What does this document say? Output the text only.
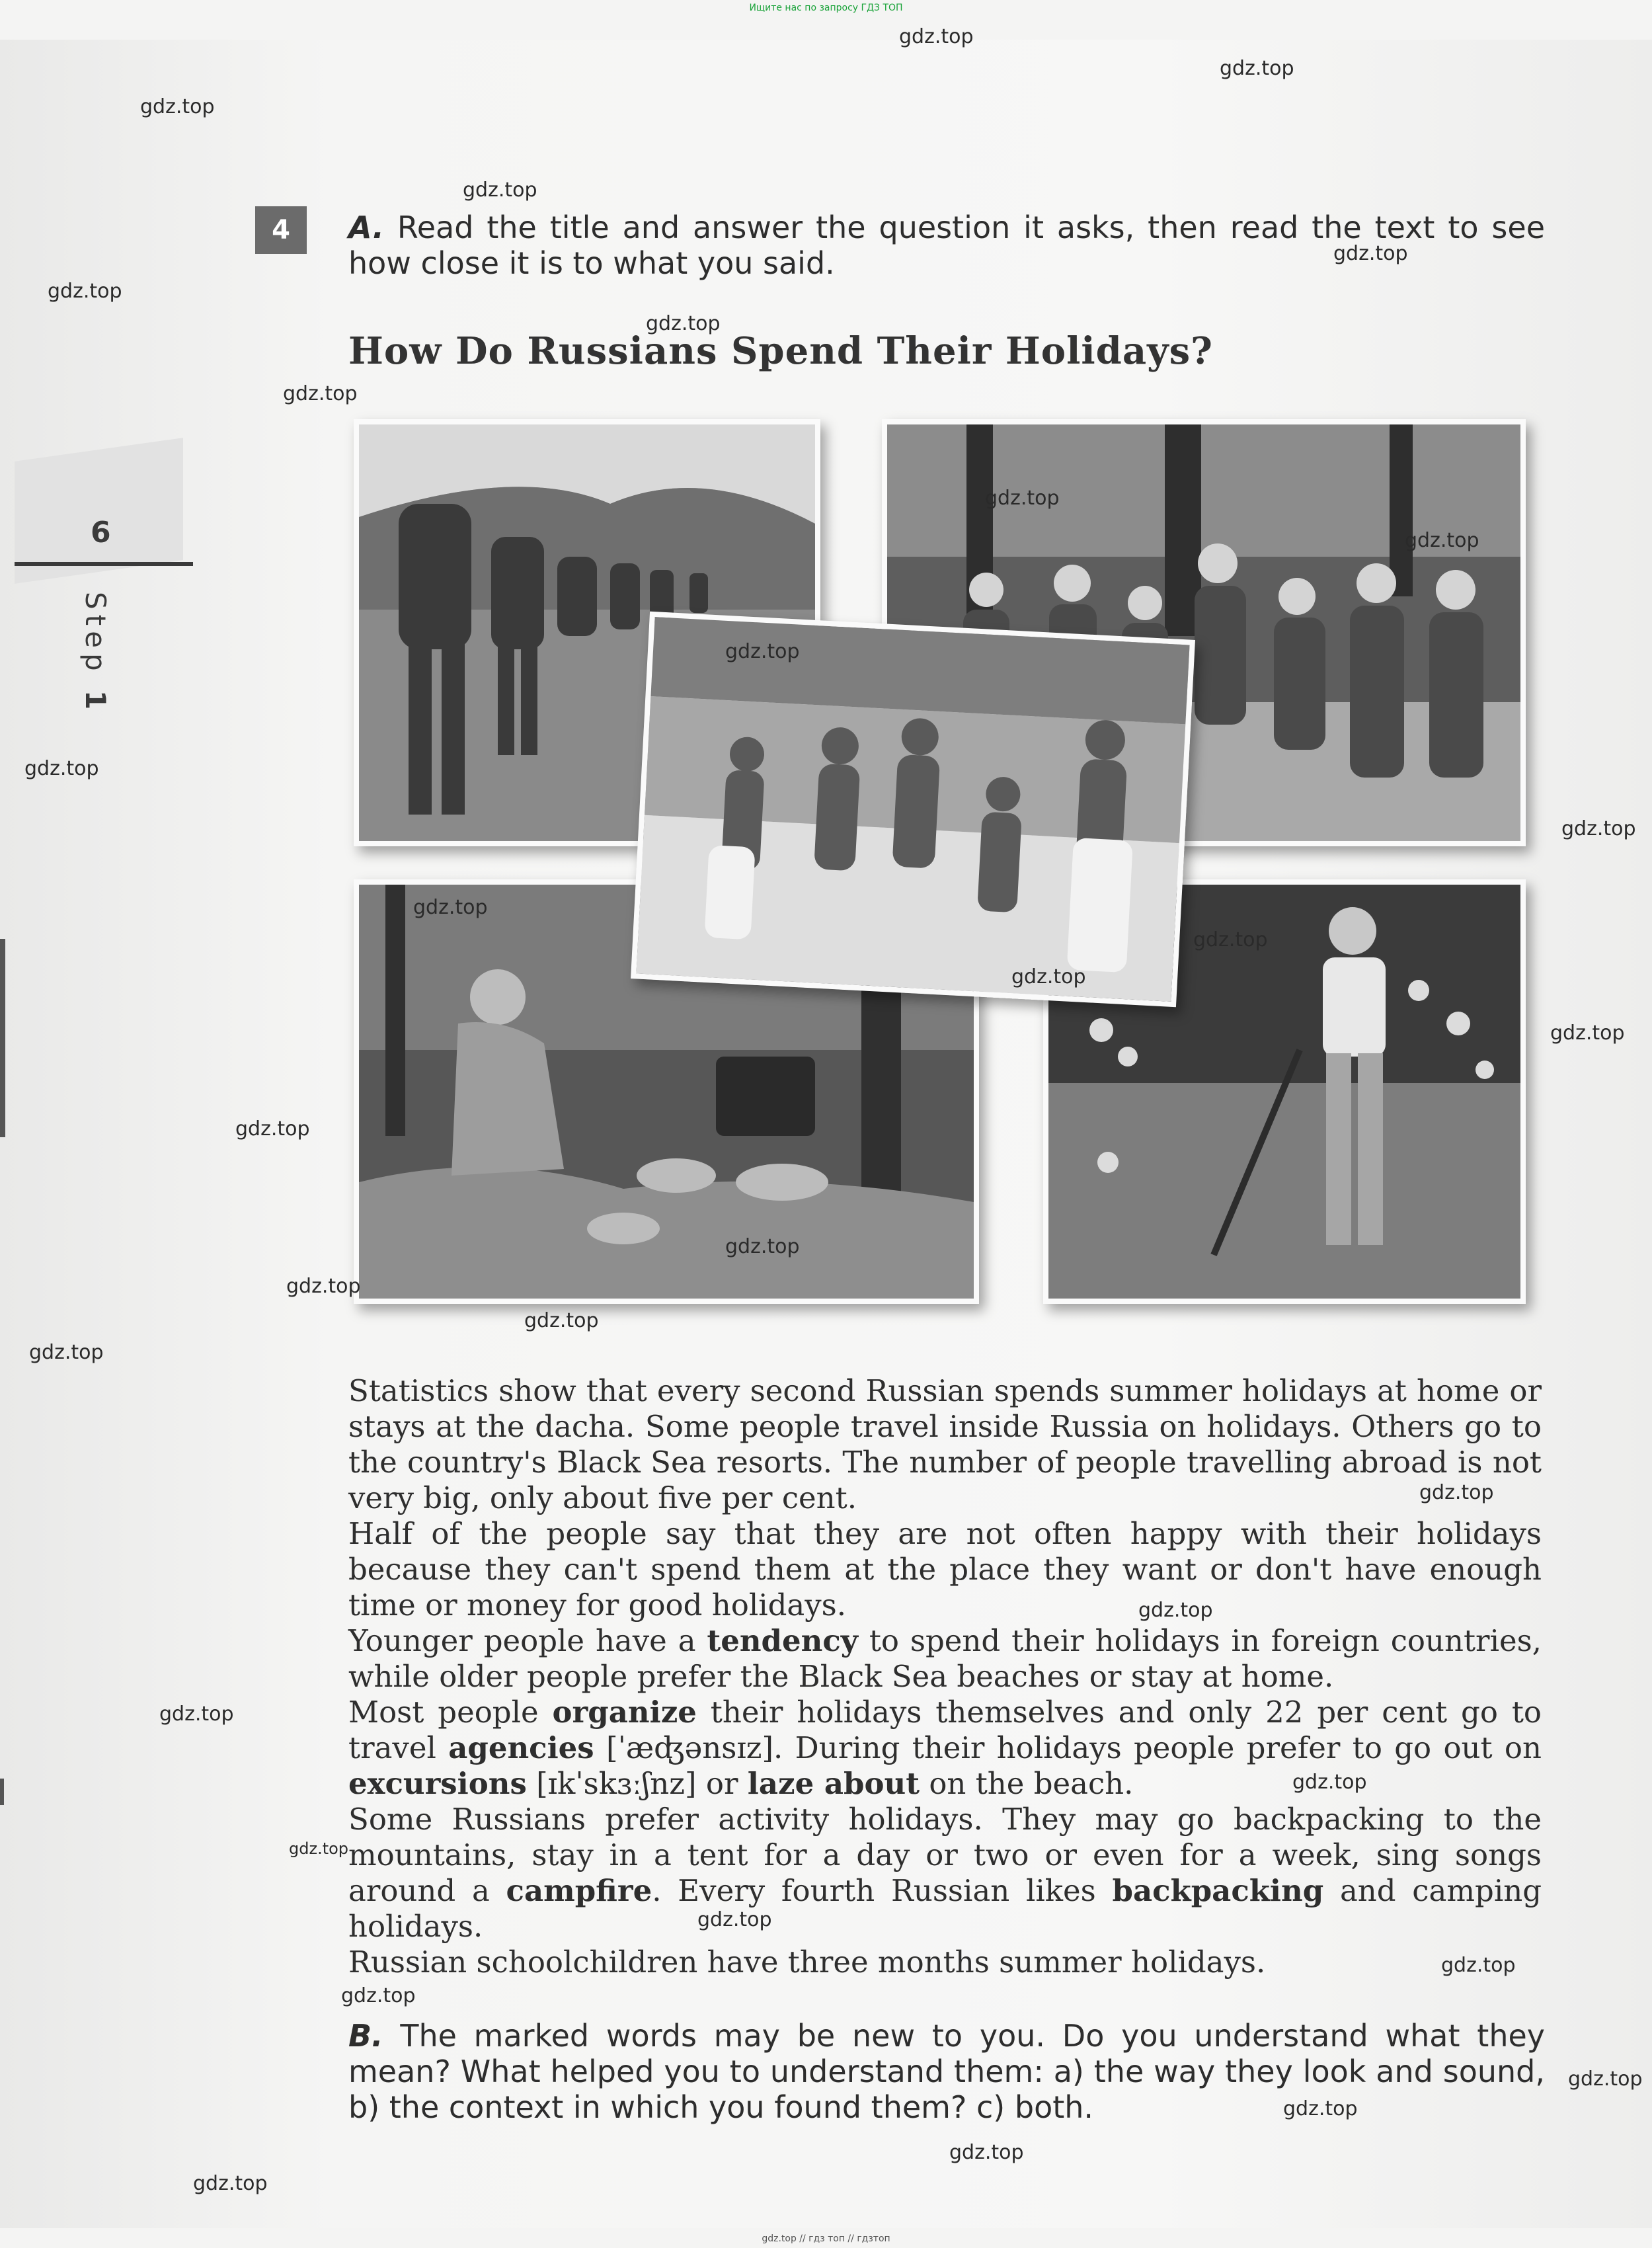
Ищите нас по запросу ГДЗ ТОП
6
Step 1
4	A. Read the title and answer the question it asks, then read the text to see how close it is to what you said.
How Do Russians Spend Their Holidays?

Statistics show that every second Russian spends summer holidays at home or stays at the dacha. Some people travel inside Russia on holidays. Others go to the country's Black Sea resorts. The number of people travelling abroad is not very big, only about five per cent.

Half of the people say that they are not often happy with their holidays because they can't spend them at the place they want or don't have enough time or money for good holidays.

Younger people have a tendency to spend their holidays in foreign countries, while older people prefer the Black Sea beaches or stay at home.

Most people organize their holidays themselves and only 22 per cent go to travel agencies [ˈæʤənsɪz]. During their holidays people prefer to go out on excursions [ɪkˈskɜːʃnz] or laze about on the beach.

Some Russians prefer activity holidays. They may go backpacking to the mountains, stay in a tent for a day or two or even for a week, sing songs around a campfire. Every fourth Russian likes backpacking and camping holidays.

Russian schoolchildren have three months summer holidays.

B. The marked words may be new to you. Do you understand what they mean? What helped you to understand them: a) the way they look and sound, b) the context in which you found them? c) both.
gdz.top
gdz.top
gdz.top
gdz.top
gdz.top
gdz.top
gdz.top
gdz.top
gdz.top
gdz.top
gdz.top
gdz.top
gdz.top
gdz.top
gdz.top
gdz.top
gdz.top
gdz.top
gdz.top
gdz.top
gdz.top
gdz.top
gdz.top
gdz.top
gdz.top
gdz.top
gdz.top
gdz.top
gdz.top
gdz.top
gdz.top
gdz.top
gdz.top
gdz.top
gdz.top // гдз топ // гдзтоп
